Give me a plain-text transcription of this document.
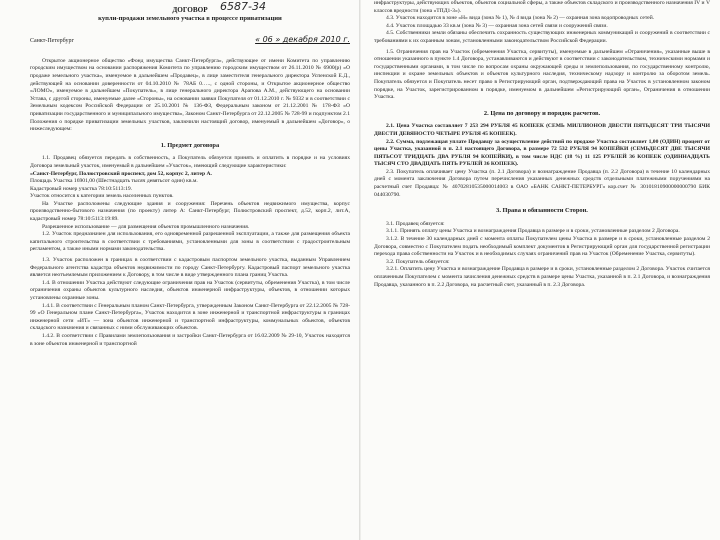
ДОГОВОР 6587-34
купли-продажи земельного участка в процессе приватизации
Санкт-Петербург	« 06 » декабря 2010 г.

Открытое акционерное общество «Фонд имущества Санкт-Петербурга», действующее от имени Комитета по управлению городским имуществом на основании распоряжения Комитета по управлению городским имуществом от 26.11.2010 № 6900(р) «О продаже земельного участка», именуемое в дальнейшем «Продавец», в лице заместителя генерального директора Успенской Е.Д., действующей на основании доверенности от 04.10.2010 № 78АБ 0….., с одной стороны, и Открытое акционерное общество «ЛОМО», именуемое в дальнейшем «Покупатель», в лице генерального директора Арапова А.М., действующего на основании Устава, с другой стороны, именуемые далее «Стороны», на основании заявки Покупателя от 01.12.2010 г. № 9332 и в соответствии с Земельным кодексом Российской Федерации от 25.10.2001 № 136-ФЗ, Федеральным законом от 21.12.2001 № 178-ФЗ «О приватизации государственного и муниципального имущества», Законом Санкт-Петербурга от 22.12.2005 № 728-99 и подпунктом 2.1 Положения о порядке приватизации земельных участков, заключили настоящий договор, именуемый в дальнейшем «Договор», о нижеследующем:

1. Предмет договора

1.1. Продавец обязуется передать в собственность, а Покупатель обязуется принять и оплатить в порядке и на условиях Договора земельный участок, именуемый в дальнейшем «Участок», имеющий следующие характеристики:

«Санкт-Петербург, Полюстровский проспект, дом 52, корпус 2, литер А.

Площадь Участка 16901,00 (Шестнадцать тысяч девятьсот один) кв.м.

Кадастровый номер участка 78:10:5113:19.

Участок относится к категории земель населенных пунктов.

На Участке расположены следующие здания и сооружения: Перечень объектов недвижимого имущества, корпус производственно-бытового назначения (по проекту) литер А: Санкт-Петербург, Полюстровский проспект, д.52, корп.2, лит.А, кадастровый номер 78:10:5113:19:89.

Разрешенное использование — для размещения объектов промышленного назначения.

1.2. Участок предназначен для использования, его одновременной разрешенной эксплуатации, а также для размещения объекта капитального строительства в соответствии с требованиями, установленными для зоны в соответствии с градостроительным регламентом, а также иными нормами законодательства.

1.3. Участок расположен в границах в соответствии с кадастровым паспортом земельного участка, выданным Управлением Федерального агентства кадастра объектов недвижимости по городу Санкт-Петербургу. Кадастровый паспорт земельного участка является неотъемлемым приложением к Договору, в том числе в виде утвержденного плана границ Участка.

1.4. В отношении Участка действуют следующие ограничения прав на Участок (сервитуты, обременения Участка), в том числе ограничения охраны объектов культурного наследия, объектов инженерной инфраструктуры, объектов, в отношении которых установлены охранные зоны.

1.4.1. В соответствии с Генеральным планом Санкт-Петербурга, утвержденным Законом Санкт-Петербурга от 22.12.2005 № 728-99 «О Генеральном плане Санкт-Петербурга», Участок находится в зоне инженерной и транспортной инфраструктуры в границах инженерной сети «ИТ» — зона объектов инженерной и транспортной инфраструктуры, коммунальных объектов, объектов складского назначения и связанных с ними обслуживающих объектов.

1.4.2. В соответствии с Правилами землепользования и застройки Санкт-Петербурга от 16.02.2009 № 29-10, Участок находится в зоне объектов инженерной и транспортной

инфраструктуры, действующих объектов, объектов социальной сферы, а также объектов складского и производственного назначения IV и V классов вредности (зона «ТПД1-3»).

4.3. Участок находится в зоне «Н» вида (зона № 1), № 4 вида (зона № 2) — охранная зона водопроводных сетей.

4.4. Участок площадью 33 кв.м (зона № 3) — охранная зона сетей связи и сооружений связи.

4.5. Собственники земли обязаны обеспечить сохранность существующих инженерных коммуникаций и сооружений в соответствии с требованиями к их охранным зонам, установленными законодательством Российской Федерации.

1.5. Ограничения прав на Участок (обременения Участка, сервитуты), именуемые в дальнейшем «Ограничения», указанные выше в отношении указанного в пункте 1.4 Договора, устанавливаются и действуют в соответствии с законодательством, техническими нормами и государственными органами, в том числе по вопросам охраны окружающей среды и землепользования, по государственному контролю, инспекции и охране земельных объектов и объектов культурного наследия, техническому надзору и контролю за оборотом земель. Покупатель обязуется и Покупатель несет право в Регистрирующий орган, подтверждающий права на Участок в установленном законом порядке, на Участок, зарегистрированном в порядке, именуемом в дальнейшем «Регистрирующий орган», Ограничения в отношении Участка.

2. Цена по договору и порядок расчетов.

2.1. Цена Участка составляет 7 253 294 РУБЛЯ 45 КОПЕЕК (СЕМЬ МИЛЛИОНОВ ДВЕСТИ ПЯТЬДЕСЯТ ТРИ ТЫСЯЧИ ДВЕСТИ ДЕВЯНОСТО ЧЕТЫРЕ РУБЛЯ 45 КОПЕЕК).

2.2. Сумма, подлежащая уплате Продавцу за осуществление действий по продаже Участка составляет 1,00 (ОДИН) процент от цены Участка, указанной в п. 2.1 настоящего Договора, в размере 72 532 РУБЛЯ 94 КОПЕЙКИ (СЕМЬДЕСЯТ ДВЕ ТЫСЯЧИ ПЯТЬСОТ ТРИДЦАТЬ ДВА РУБЛЯ 94 КОПЕЙКИ), в том числе НДС (18 %) 11 125 РУБЛЕЙ 36 КОПЕЕК (ОДИННАДЦАТЬ ТЫСЯЧ СТО ДВАДЦАТЬ ПЯТЬ РУБЛЕЙ 36 КОПЕЕК).

2.3. Покупатель оплачивает цену Участка (п. 2.1 Договора) и вознаграждение Продавца (п. 2.2 Договора) в течение 10 календарных дней с момента заключения Договора путем перечисления указанных денежных средств отдельными платежными поручениями на расчетный счет Продавца: № 40702810535000014003 в ОАО «БАНК САНКТ-ПЕТЕРБУРГ» кор.счет № 30101810900000000790 БИК 044030790.

3. Права и обязанности Сторон.

3.1. Продавец обязуется:

3.1.1. Принять оплату цены Участка и вознаграждения Продавца в размере и в сроки, установленные разделом 2 Договора.

3.1.2. В течение 30 календарных дней с момента оплаты Покупателем цены Участка в размере и в сроки, установленные разделом 2 Договора, совместно с Покупателем подать необходимый комплект документов в Регистрирующий орган для государственной регистрации перехода права собственности на Участок и в необходимых случаях ограничений прав на Участок (Обременение Участка, сервитуты).

3.2. Покупатель обязуется:

3.2.1. Оплатить цену Участка и вознаграждение Продавца в размере и в сроки, установленные разделом 2 Договора. Участок считается оплаченным Покупателем с момента зачисления денежных средств в размере цены Участка, указанной в п. 2.1 Договора, и вознаграждения Продавца, указанного в п. 2.2 Договора, на расчетный счет, указанный в п. 2.3 Договора.
